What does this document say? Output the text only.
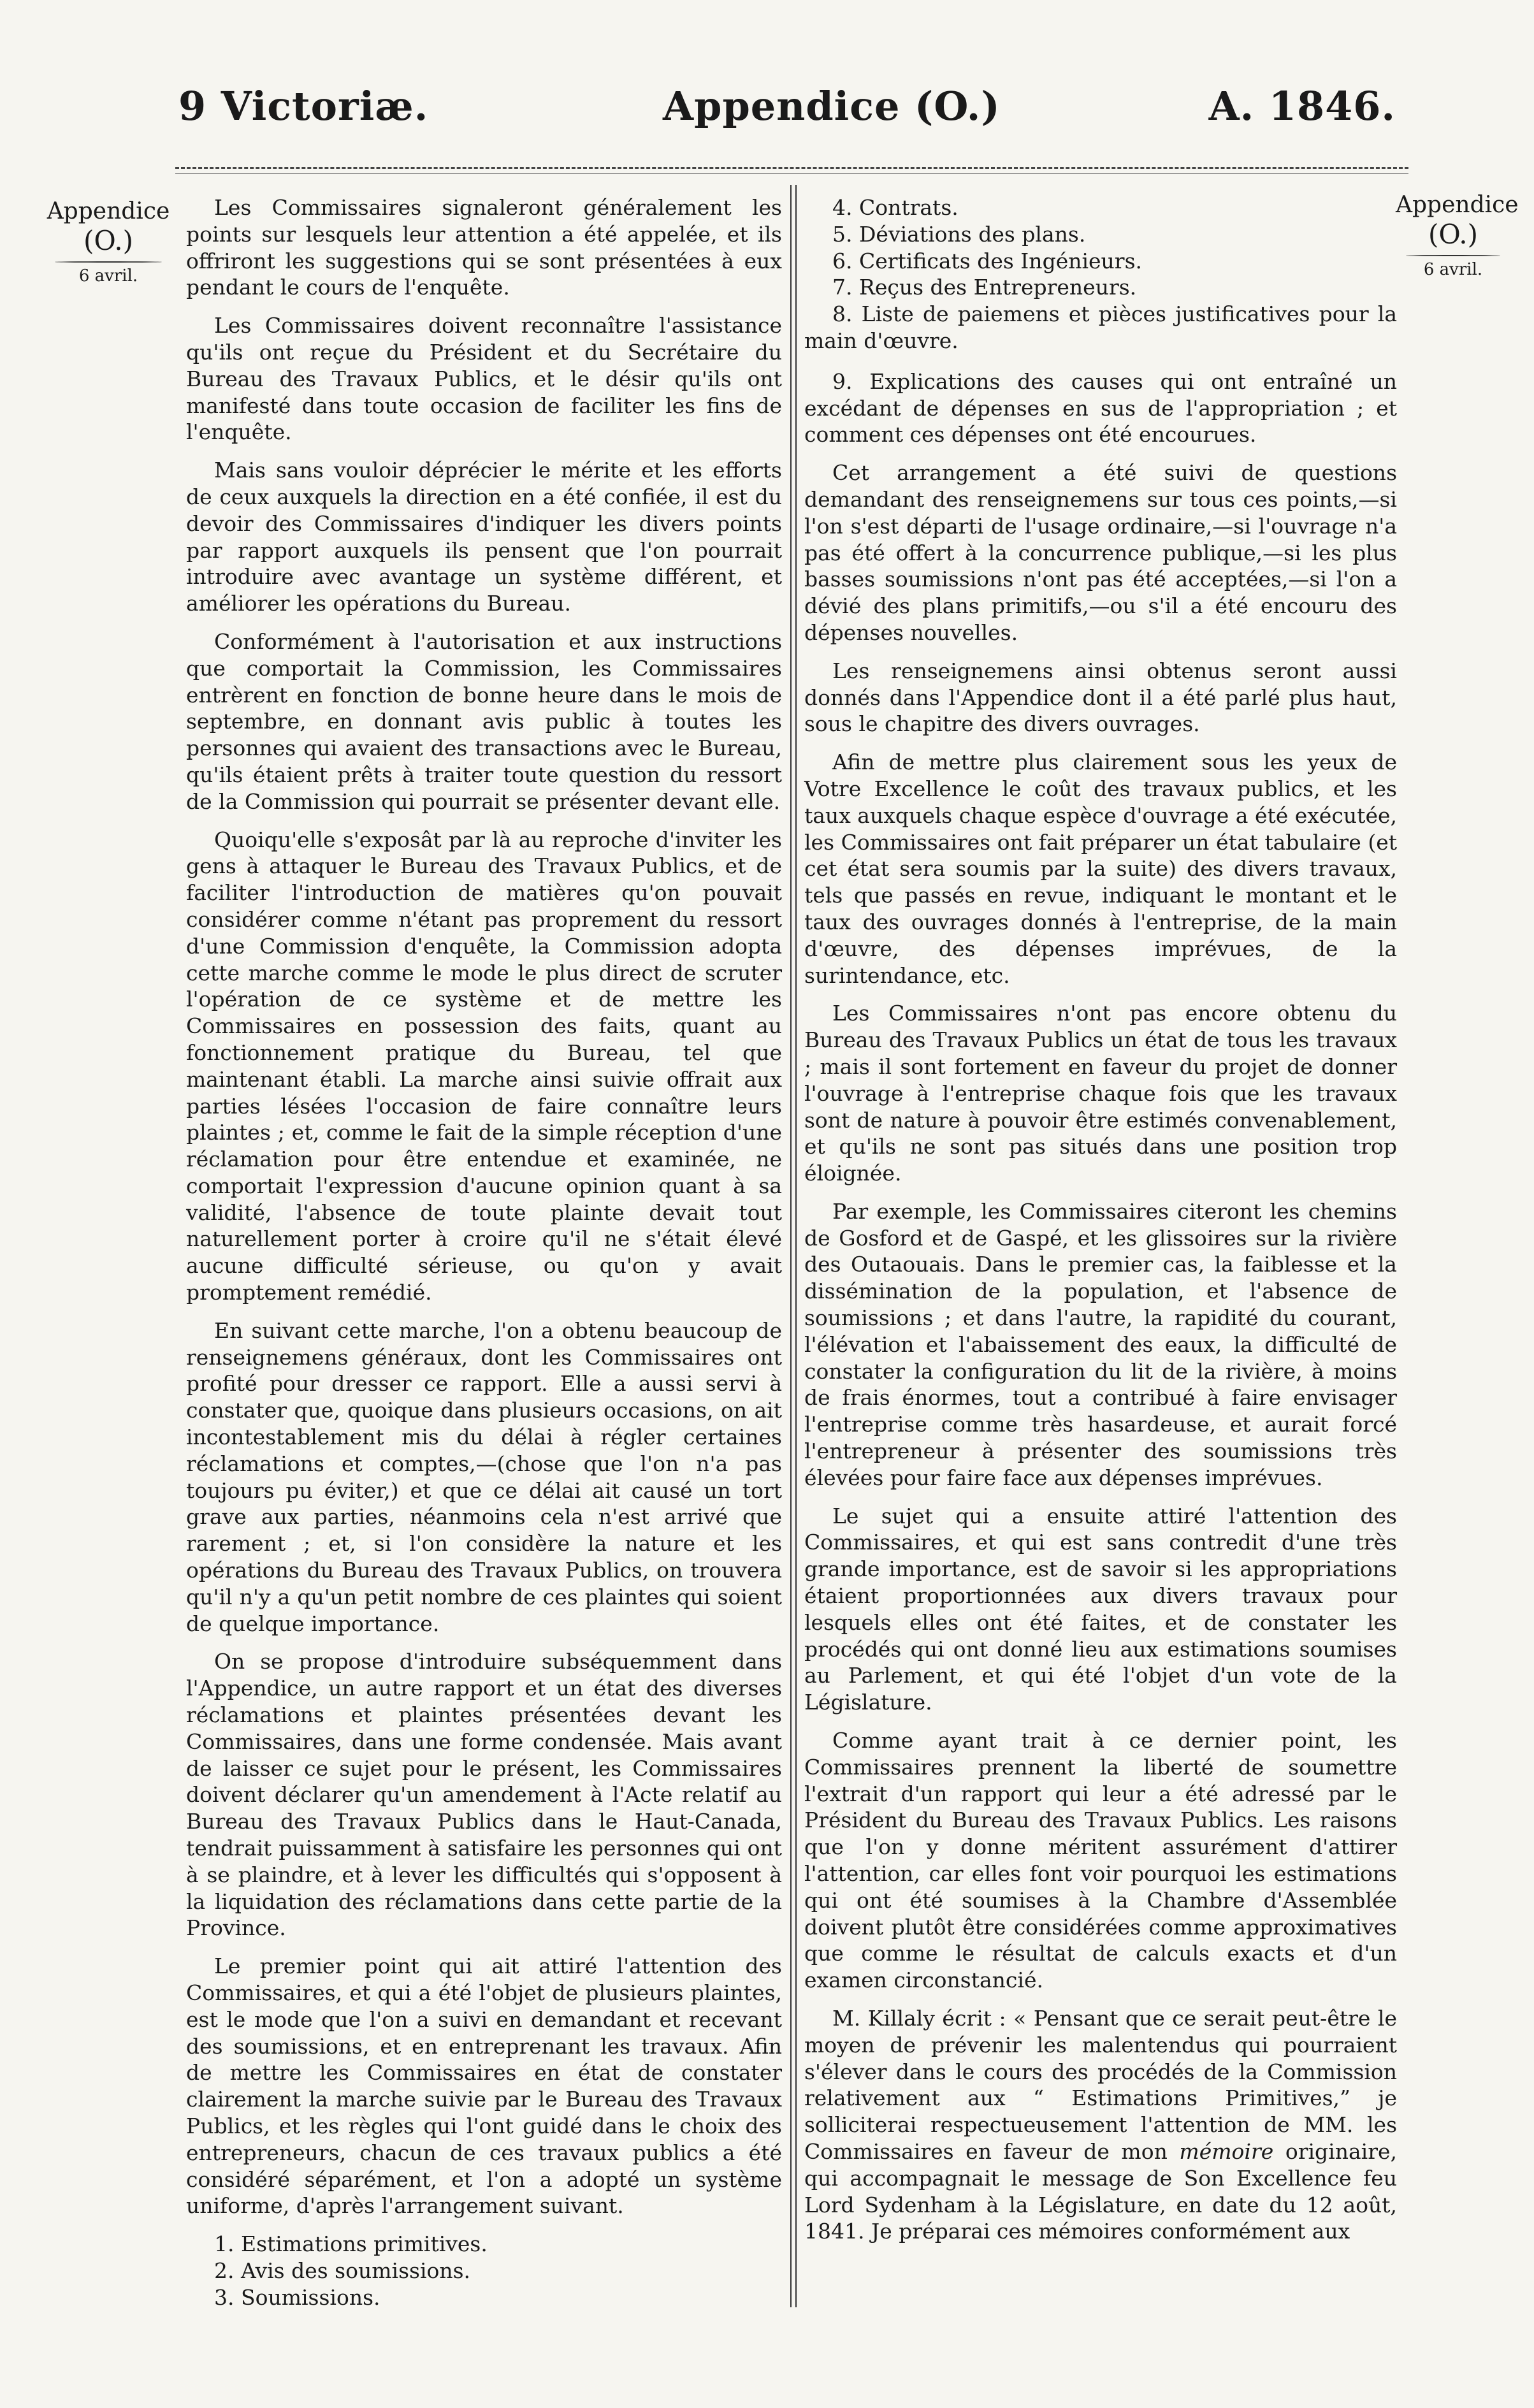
9 Victoriæ.	Appendice (O.)	A. 1846.
Appendice
(O.)
6 avril.
Appendice
(O.)
6 avril.

Les Commissaires signaleront généralement les points sur lesquels leur attention a été appelée, et ils offriront les suggestions qui se sont présentées à eux pendant le cours de l'enquête.

Les Commissaires doivent reconnaître l'assistance qu'ils ont reçue du Président et du Secrétaire du Bureau des Travaux Publics, et le désir qu'ils ont manifesté dans toute occasion de faciliter les fins de l'enquête.

Mais sans vouloir déprécier le mérite et les efforts de ceux auxquels la direction en a été confiée, il est du devoir des Commissaires d'indiquer les divers points par rapport auxquels ils pensent que l'on pourrait introduire avec avantage un système différent, et améliorer les opérations du Bureau.

Conformément à l'autorisation et aux instructions que comportait la Commission, les Commissaires entrèrent en fonction de bonne heure dans le mois de septembre, en donnant avis public à toutes les personnes qui avaient des transactions avec le Bureau, qu'ils étaient prêts à traiter toute question du ressort de la Commission qui pourrait se présenter devant elle.

Quoiqu'elle s'exposât par là au reproche d'inviter les gens à attaquer le Bureau des Travaux Publics, et de faciliter l'introduction de matières qu'on pouvait considérer comme n'étant pas proprement du ressort d'une Commission d'enquête, la Commission adopta cette marche comme le mode le plus direct de scruter l'opération de ce système et de mettre les Commissaires en possession des faits, quant au fonctionnement pratique du Bureau, tel que maintenant établi. La marche ainsi suivie offrait aux parties lésées l'occasion de faire connaître leurs plaintes ; et, comme le fait de la simple réception d'une réclamation pour être entendue et examinée, ne comportait l'expression d'aucune opinion quant à sa validité, l'absence de toute plainte devait tout naturellement porter à croire qu'il ne s'était élevé aucune difficulté sérieuse, ou qu'on y avait promptement remédié.

En suivant cette marche, l'on a obtenu beaucoup de renseignemens généraux, dont les Commissaires ont profité pour dresser ce rapport. Elle a aussi servi à constater que, quoique dans plusieurs occasions, on ait incontestablement mis du délai à régler certaines réclamations et comptes,—(chose que l'on n'a pas toujours pu éviter,) et que ce délai ait causé un tort grave aux parties, néanmoins cela n'est arrivé que rarement ; et, si l'on considère la nature et les opérations du Bureau des Travaux Publics, on trouvera qu'il n'y a qu'un petit nombre de ces plaintes qui soient de quelque importance.

On se propose d'introduire subséquemment dans l'Appendice, un autre rapport et un état des diverses réclamations et plaintes présentées devant les Commissaires, dans une forme condensée. Mais avant de laisser ce sujet pour le présent, les Commissaires doivent déclarer qu'un amendement à l'Acte relatif au Bureau des Travaux Publics dans le Haut-Canada, tendrait puissamment à satisfaire les personnes qui ont à se plaindre, et à lever les difficultés qui s'opposent à la liquidation des réclamations dans cette partie de la Province.

Le premier point qui ait attiré l'attention des Commissaires, et qui a été l'objet de plusieurs plaintes, est le mode que l'on a suivi en demandant et recevant des soumissions, et en entreprenant les travaux. Afin de mettre les Commissaires en état de constater clairement la marche suivie par le Bureau des Travaux Publics, et les règles qui l'ont guidé dans le choix des entrepreneurs, chacun de ces travaux publics a été considéré séparément, et l'on a adopté un système uniforme, d'après l'arrangement suivant.

1. Estimations primitives.
2. Avis des soumissions.
3. Soumissions.
4. Contrats.
5. Déviations des plans.
6. Certificats des Ingénieurs.
7. Reçus des Entrepreneurs.

8. Liste de paiemens et pièces justificatives pour la main d'œuvre.

9. Explications des causes qui ont entraîné un excédant de dépenses en sus de l'appropriation ; et comment ces dépenses ont été encourues.

Cet arrangement a été suivi de questions demandant des renseignemens sur tous ces points,—si l'on s'est départi de l'usage ordinaire,—si l'ouvrage n'a pas été offert à la concurrence publique,—si les plus basses soumissions n'ont pas été acceptées,—si l'on a dévié des plans primitifs,—ou s'il a été encouru des dépenses nouvelles.

Les renseignemens ainsi obtenus seront aussi donnés dans l'Appendice dont il a été parlé plus haut, sous le chapitre des divers ouvrages.

Afin de mettre plus clairement sous les yeux de Votre Excellence le coût des travaux publics, et les taux auxquels chaque espèce d'ouvrage a été exécutée, les Commissaires ont fait préparer un état tabulaire (et cet état sera soumis par la suite) des divers travaux, tels que passés en revue, indiquant le montant et le taux des ouvrages donnés à l'entreprise, de la main d'œuvre, des dépenses imprévues, de la surintendance, etc.

Les Commissaires n'ont pas encore obtenu du Bureau des Travaux Publics un état de tous les travaux ; mais il sont fortement en faveur du projet de donner l'ouvrage à l'entreprise chaque fois que les travaux sont de nature à pouvoir être estimés convenablement, et qu'ils ne sont pas situés dans une position trop éloignée.

Par exemple, les Commissaires citeront les chemins de Gosford et de Gaspé, et les glissoires sur la rivière des Outaouais. Dans le premier cas, la faiblesse et la dissémination de la population, et l'absence de soumissions ; et dans l'autre, la rapidité du courant, l'élévation et l'abaissement des eaux, la difficulté de constater la configuration du lit de la rivière, à moins de frais énormes, tout a contribué à faire envisager l'entreprise comme très hasardeuse, et aurait forcé l'entrepreneur à présenter des soumissions très élevées pour faire face aux dépenses imprévues.

Le sujet qui a ensuite attiré l'attention des Commissaires, et qui est sans contredit d'une très grande importance, est de savoir si les appropriations étaient proportionnées aux divers travaux pour lesquels elles ont été faites, et de constater les procédés qui ont donné lieu aux estimations soumises au Parlement, et qui été l'objet d'un vote de la Législature.

Comme ayant trait à ce dernier point, les Commissaires prennent la liberté de soumettre l'extrait d'un rapport qui leur a été adressé par le Président du Bureau des Travaux Publics. Les raisons que l'on y donne méritent assurément d'attirer l'attention, car elles font voir pourquoi les estimations qui ont été soumises à la Chambre d'Assemblée doivent plutôt être considérées comme approximatives que comme le résultat de calculs exacts et d'un examen circonstancié.

M. Killaly écrit : « Pensant que ce serait peut-être le moyen de prévenir les malentendus qui pourraient s'élever dans le cours des procédés de la Commission relativement aux “ Estimations Primitives,” je solliciterai respectueusement l'attention de MM. les Commissaires en faveur de mon mémoire originaire, qui accompagnait le message de Son Excellence feu Lord Sydenham à la Législature, en date du 12 août, 1841. Je préparai ces mémoires conformément aux
